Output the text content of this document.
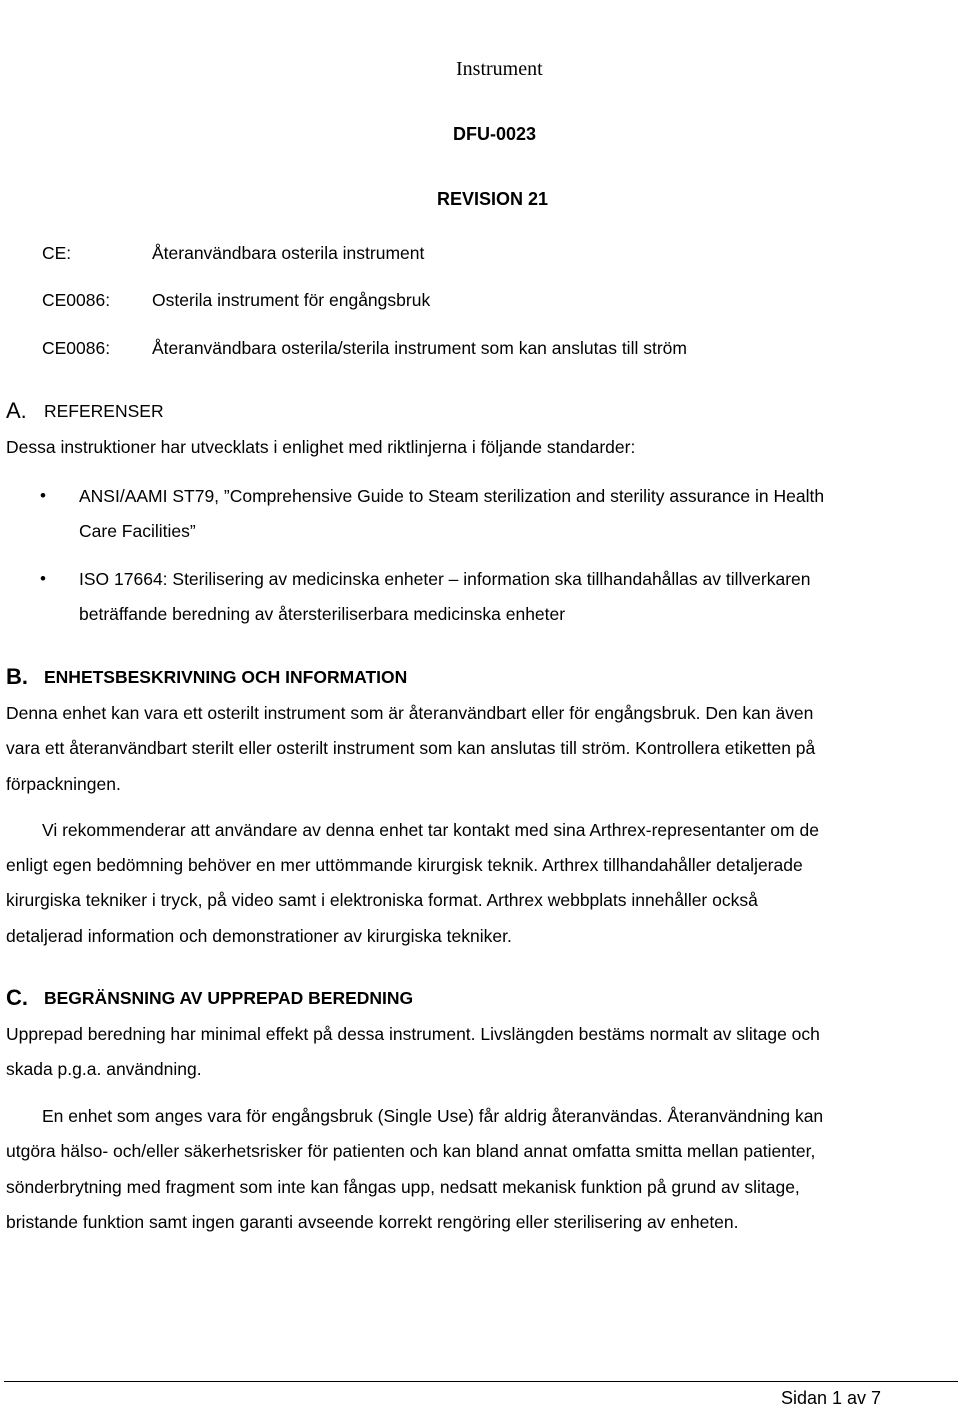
Instrument
DFU-0023
REVISION 21
CE:	Återanvändbara osterila instrument
CE0086: Osterila instrument för engångsbruk
CE0086: Återanvändbara osterila/sterila instrument som kan anslutas till ström
A. REFERENSER
Dessa instruktioner har utvecklats i enlighet med riktlinjerna i följande standarder:
• ANSI/AAMI ST79, ”Comprehensive Guide to Steam sterilization and sterility assurance in Health
Care Facilities”
• ISO 17664: Sterilisering av medicinska enheter – information ska tillhandahållas av tillverkaren
beträffande beredning av återsteriliserbara medicinska enheter
B. ENHETSBESKRIVNING OCH INFORMATION
Denna enhet kan vara ett osterilt instrument som är återanvändbart eller för engångsbruk. Den kan även
vara ett återanvändbart sterilt eller osterilt instrument som kan anslutas till ström. Kontrollera etiketten på
förpackningen.
Vi rekommenderar att användare av denna enhet tar kontakt med sina Arthrex-representanter om de
enligt egen bedömning behöver en mer uttömmande kirurgisk teknik. Arthrex tillhandahåller detaljerade
kirurgiska tekniker i tryck, på video samt i elektroniska format. Arthrex webbplats innehåller också
detaljerad information och demonstrationer av kirurgiska tekniker.
C. BEGRÄNSNING AV UPPREPAD BEREDNING
Upprepad beredning har minimal effekt på dessa instrument. Livslängden bestäms normalt av slitage och
skada p.g.a. användning.
En enhet som anges vara för engångsbruk (Single Use) får aldrig återanvändas. Återanvändning kan
utgöra hälso- och/eller säkerhetsrisker för patienten och kan bland annat omfatta smitta mellan patienter,
sönderbrytning med fragment som inte kan fångas upp, nedsatt mekanisk funktion på grund av slitage,
bristande funktion samt ingen garanti avseende korrekt rengöring eller sterilisering av enheten.
Sidan 1 av 7
